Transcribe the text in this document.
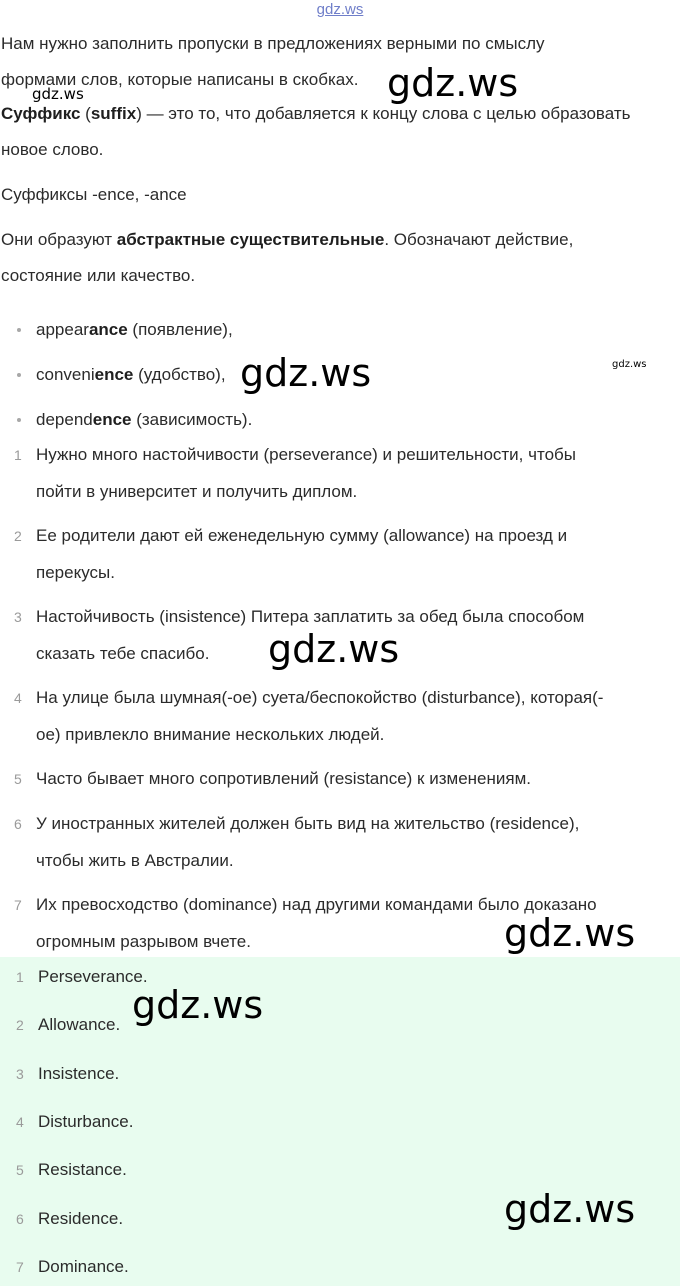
gdz.ws
Нам нужно заполнить пропуски в предложениях верными по смыслу
формами слов, которые написаны в скобках.
Суффикс (suffix) — это то, что добавляется к концу слова с целью образовать
новое слово.
Суффиксы -ence, -ance
Они образуют абстрактные существительные. Обозначают действие,
состояние или качество.
appearance (появление),
convenience (удобство),
dependence (зависимость).
1 Нужно много настойчивости (perseverance) и решительности, чтобы
пойти в университет и получить диплом.
2 Ее родители дают ей еженедельную сумму (allowance) на проезд и
перекусы.
3 Настойчивость (insistence) Питера заплатить за обед была способом
сказать тебе спасибо.
4 На улице была шумная(-ое) суета/беспокойство (disturbance), которая(-
ое) привлекло внимание нескольких людей.
5 Часто бывает много сопротивлений (resistance) к изменениям.
6 У иностранных жителей должен быть вид на жительство (residence),
чтобы жить в Австралии.
7 Их превосходство (dominance) над другими командами было доказано
огромным разрывом вчете.
1 Perseverance.
2 Allowance.
3 Insistence.
4 Disturbance.
5 Resistance.
6 Residence.
7 Dominance.
gdz.ws
gdz.ws
gdz.ws	gdz.ws
gdz.ws
gdz.ws
gdz.ws
gdz.ws
